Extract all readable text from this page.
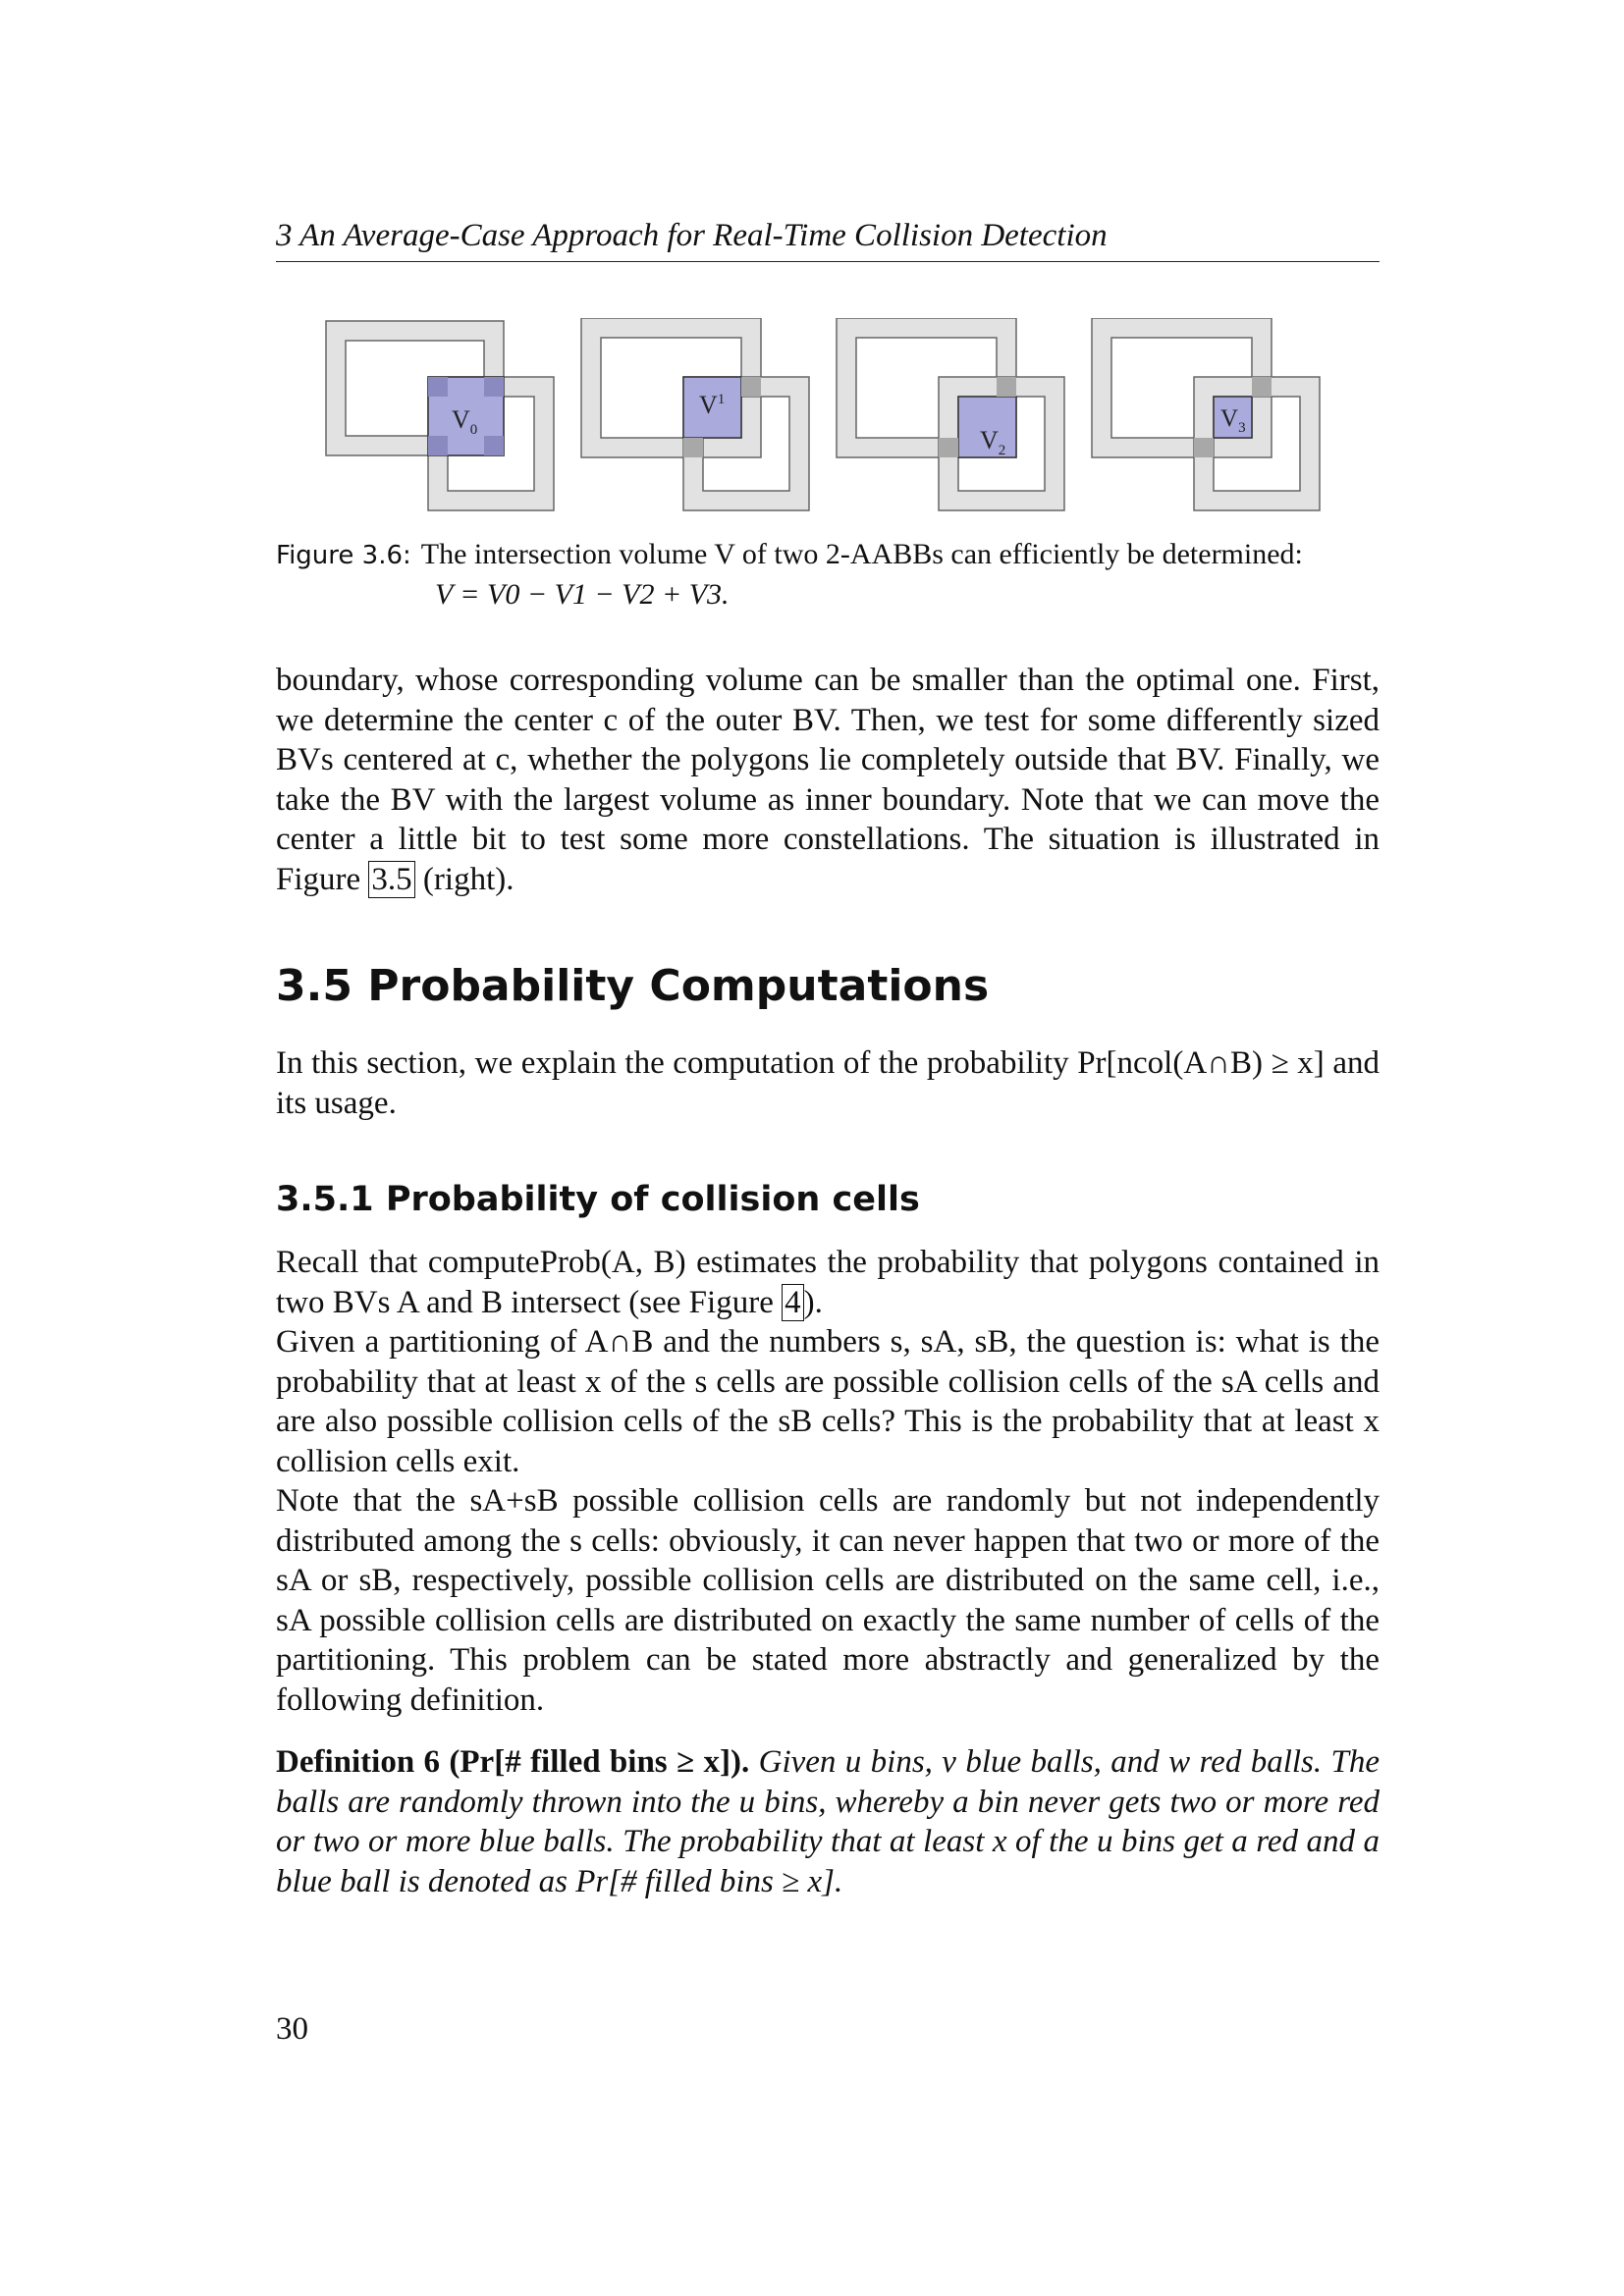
3 An Average-Case Approach for Real-Time Collision Detection
$V_0$
$V^1$
$V_2$
$V_3$
Figure 3.6: The intersection volume V of two 2-AABBs can efficiently be determined:
V = V0 − V1 − V2 + V3.

boundary, whose corresponding volume can be smaller than the optimal one. First, we determine the center c of the outer BV. Then, we test for some differently sized BVs centered at c, whether the polygons lie completely outside that BV. Finally, we take the BV with the largest volume as inner boundary. Note that we can move the center a little bit to test some more constellations. The situation is illustrated in Figure 3.5 (right).

3.5 Probability Computations

In this section, we explain the computation of the probability Pr[ncol(A∩B) ≥ x] and its usage.

3.5.1 Probability of collision cells

Recall that computeProb(A, B) estimates the probability that polygons contained in two BVs A and B intersect (see Figure 4).

Given a partitioning of A∩B and the numbers s, sA, sB, the question is: what is the probability that at least x of the s cells are possible collision cells of the sA cells and are also possible collision cells of the sB cells? This is the probability that at least x collision cells exit.

Note that the sA+sB possible collision cells are randomly but not independently distributed among the s cells: obviously, it can never happen that two or more of the sA or sB, respectively, possible collision cells are distributed on the same cell, i.e., sA possible collision cells are distributed on exactly the same number of cells of the partitioning. This problem can be stated more abstractly and generalized by the following definition.

Definition 6 (Pr[# filled bins ≥ x]). Given u bins, v blue balls, and w red balls. The balls are randomly thrown into the u bins, whereby a bin never gets two or more red or two or more blue balls. The probability that at least x of the u bins get a red and a blue ball is denoted as Pr[# filled bins ≥ x].

30
